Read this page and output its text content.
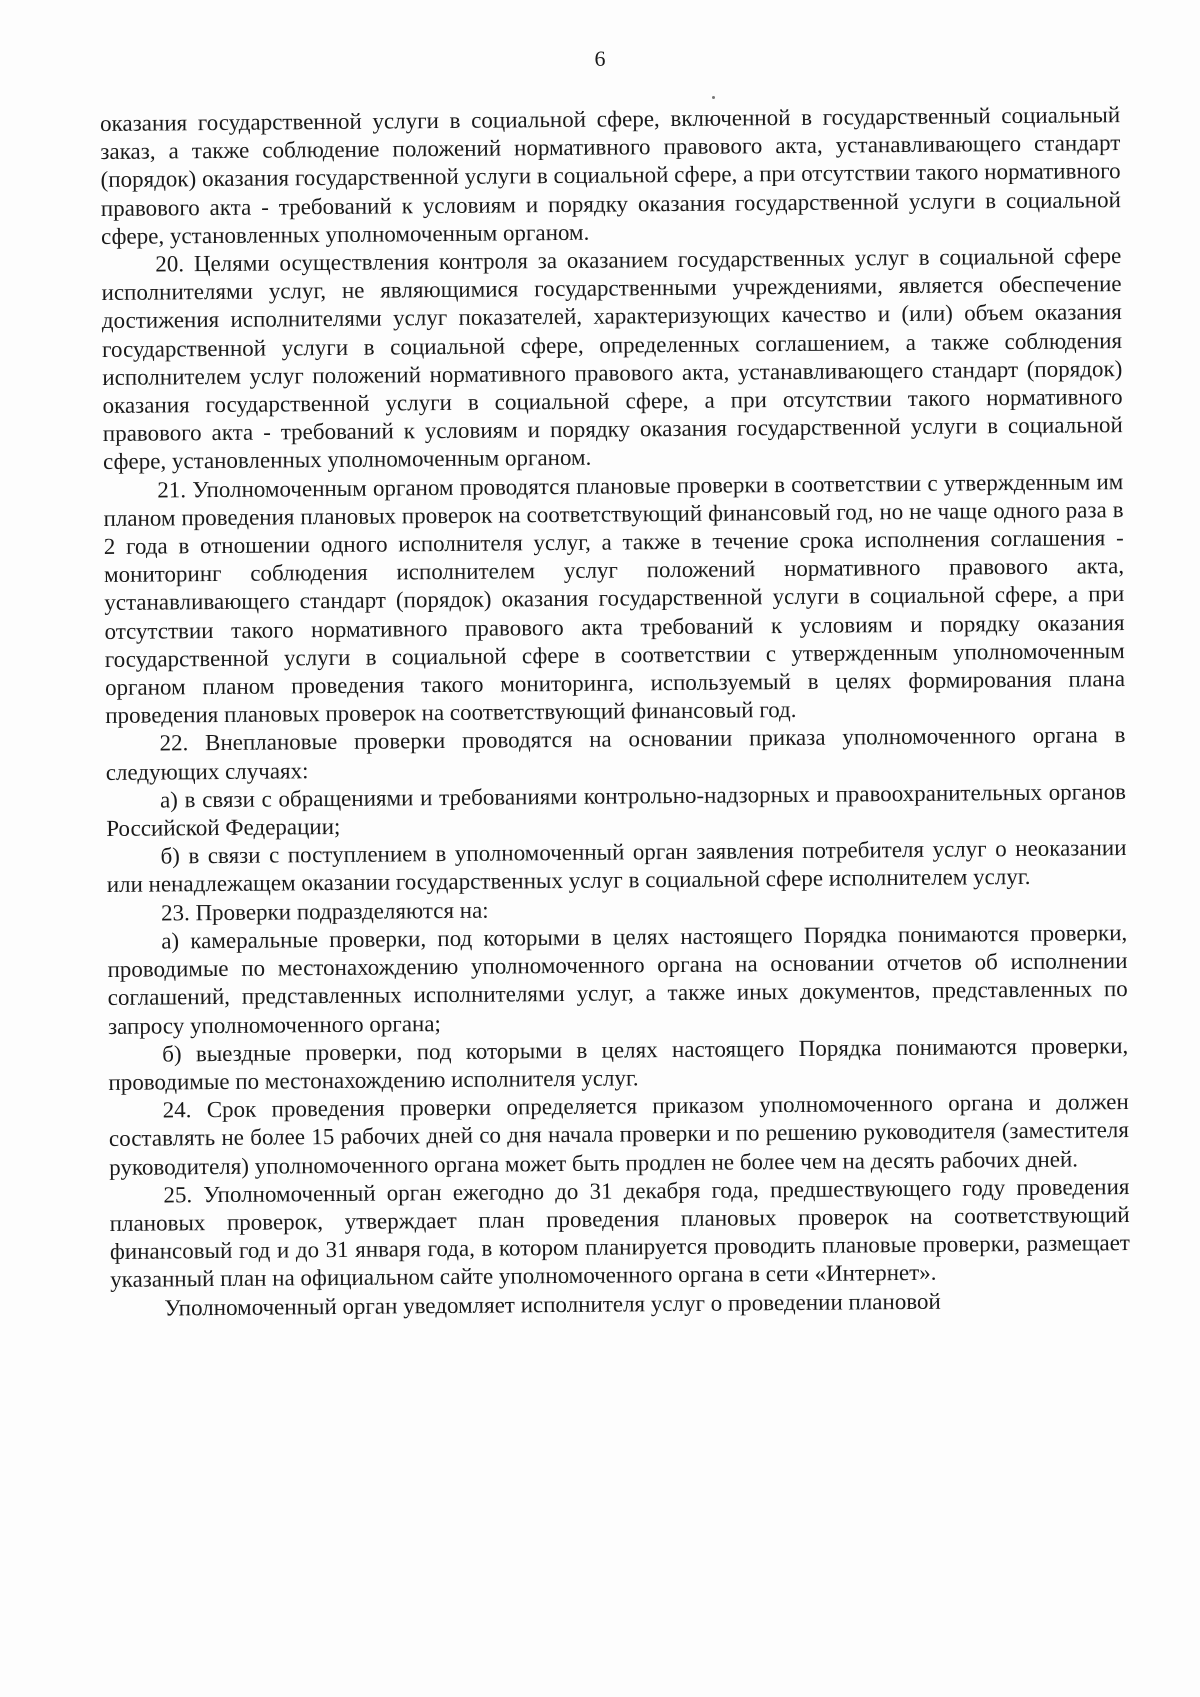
6

оказания государственной услуги в социальной сфере, включенной в государственный социальный заказ, а также соблюдение положений нормативного правового акта, устанавливающего стандарт (порядок) оказания государственной услуги в социальной сфере, а при отсутствии такого нормативного правового акта - требований к условиям и порядку оказания государственной услуги в социальной сфере, установленных уполномоченным органом.

20. Целями осуществления контроля за оказанием государственных услуг в социальной сфере исполнителями услуг, не являющимися государственными учреждениями, является обеспечение достижения исполнителями услуг показателей, характеризующих качество и (или) объем оказания государственной услуги в социальной сфере, определенных соглашением, а также соблюдения исполнителем услуг положений нормативного правового акта, устанавливающего стандарт (порядок) оказания государственной услуги в социальной сфере, а при отсутствии такого нормативного правового акта - требований к условиям и порядку оказания государственной услуги в социальной сфере, установленных уполномоченным органом.

21. Уполномоченным органом проводятся плановые проверки в соответствии с утвержденным им планом проведения плановых проверок на соответствующий финансовый год, но не чаще одного раза в 2 года в отношении одного исполнителя услуг, а также в течение срока исполнения соглашения - мониторинг соблюдения исполнителем услуг положений нормативного правового акта, устанавливающего стандарт (порядок) оказания государственной услуги в социальной сфере, а при отсутствии такого нормативного правового акта требований к условиям и порядку оказания государственной услуги в социальной сфере в соответствии с утвержденным уполномоченным органом планом проведения такого мониторинга, используемый в целях формирования плана проведения плановых проверок на соответствующий финансовый год.

22. Внеплановые проверки проводятся на основании приказа уполномоченного органа в следующих случаях:

а) в связи с обращениями и требованиями контрольно-надзорных и правоохранительных органов Российской Федерации;

б) в связи с поступлением в уполномоченный орган заявления потребителя услуг о неоказании или ненадлежащем оказании государственных услуг в социальной сфере исполнителем услуг.

23. Проверки подразделяются на:

а) камеральные проверки, под которыми в целях настоящего Порядка понимаются проверки, проводимые по местонахождению уполномоченного органа на основании отчетов об исполнении соглашений, представленных исполнителями услуг, а также иных документов, представленных по запросу уполномоченного органа;

б) выездные проверки, под которыми в целях настоящего Порядка понимаются проверки, проводимые по местонахождению исполнителя услуг.

24. Срок проведения проверки определяется приказом уполномоченного органа и должен составлять не более 15 рабочих дней со дня начала проверки и по решению руководителя (заместителя руководителя) уполномоченного органа может быть продлен не более чем на десять рабочих дней.

25. Уполномоченный орган ежегодно до 31 декабря года, предшествующего году проведения плановых проверок, утверждает план проведения плановых проверок на соответствующий финансовый год и до 31 января года, в котором планируется проводить плановые проверки, размещает указанный план на официальном сайте уполномоченного органа в сети «Интернет».

Уполномоченный орган уведомляет исполнителя услуг о проведении плановой
